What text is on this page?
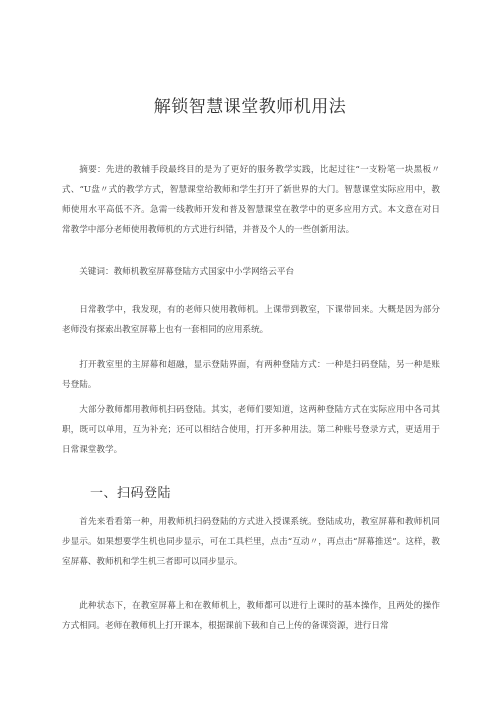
解锁智慧课堂教师机用法

摘要：先进的教辅手段最终目的是为了更好的服务教学实践，比起过往“一支粉笔一块黑板〃式、“U盘〃式的教学方式，智慧课堂给教师和学生打开了新世界的大门。智慧课堂实际应用中，教师使用水平高低不齐。急需一线教师开发和普及智慧课堂在教学中的更多应用方式。本文意在对日常教学中部分老师使用教师机的方式进行纠错，并普及个人的一些创新用法。

关键词：教师机教室屏幕登陆方式国家中小学网络云平台

日常教学中，我发现，有的老师只使用教师机。上课带到教室，下课带回来。大概是因为部分老师没有探索出教室屏幕上也有一套相同的应用系统。

打开教室里的主屏幕和超融，显示登陆界面，有两种登陆方式：一种是扫码登陆，另一种是账号登陆。

大部分教师都用教师机扫码登陆。其实，老师们要知道，这两种登陆方式在实际应用中各司其职，既可以单用，互为补充；还可以相结合使用，打开多种用法。第二种账号登录方式，更适用于日常课堂教学。

一、扫码登陆

首先来看看第一种，用教师机扫码登陆的方式进入授课系统。登陆成功，教室屏幕和教师机同步显示。如果想要学生机也同步显示，可在工具栏里，点击“互动〃，再点击“屏幕推送”。这样，教室屏幕、教师机和学生机三者即可以同步显示。

此种状态下，在教室屏幕上和在教师机上，教师都可以进行上课时的基本操作，且两处的操作方式相同。老师在教师机上打开课本，根据课前下载和自己上传的备课资源，进行日常
